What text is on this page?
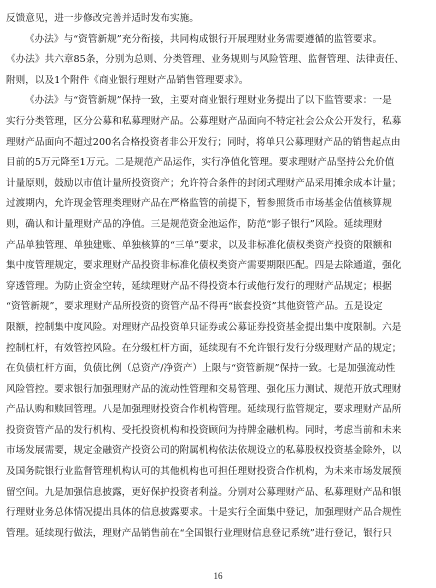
反馈意见，进一步修改完善并适时发布实施。
《办法》与“资管新规”充分衔接，共同构成银行开展理财业务需要遵循的监管要求。
《办法》共六章85条，分别为总则、分类管理、业务规则与风险管理、监督管理、法律责任、
附则，以及1个附件《商业银行理财产品销售管理要求》。
《办法》与“资管新规”保持一致，主要对商业银行理财业务提出了以下监管要求：一是
实行分类管理，区分公募和私募理财产品。公募理财产品面向不特定社会公众公开发行，私募
理财产品面向不超过200名合格投资者非公开发行；同时，将单只公募理财产品的销售起点由
目前的5万元降至1万元。二是规范产品运作，实行净值化管理。要求理财产品坚持公允价值
计量原则，鼓励以市值计量所投资资产；允许符合条件的封闭式理财产品采用摊余成本计量；
过渡期内，允许现金管理类理财产品在严格监管的前提下，暂参照货币市场基金估值核算规
则，确认和计量理财产品的净值。三是规范资金池运作，防范“影子银行”风险。延续理财
产品单独管理、单独建账、单独核算的“三单”要求，以及非标准化债权类资产投资的限额和
集中度管理规定，要求理财产品投资非标准化债权类资产需要期限匹配。四是去除通道，强化
穿透管理。为防止资金空转，延续理财产品不得投资本行或他行发行的理财产品规定；根据
“资管新规”，要求理财产品所投资的资管产品不得再“嵌套投资”其他资管产品。五是设定
限额，控制集中度风险。对理财产品投资单只证券或公募证券投资基金提出集中度限制。六是
控制杠杆，有效管控风险。在分级杠杆方面，延续现有不允许银行发行分级理财产品的规定；
在负债杠杆方面，负债比例（总资产/净资产）上限与“资管新规”保持一致。七是加强流动性
风险管控。要求银行加强理财产品的流动性管理和交易管理、强化压力测试、规范开放式理财
产品认购和赎回管理。八是加强理财投资合作机构管理。延续现行监管规定，要求理财产品所
投资资管产品的发行机构、受托投资机构和投资顾问为持牌金融机构。同时，考虑当前和未来
市场发展需要，规定金融资产投资公司的附属机构依法依规设立的私募股权投资基金除外，以
及国务院银行业监督管理机构认可的其他机构也可担任理财投资合作机构，为未来市场发展预
留空间。九是加强信息披露，更好保护投资者利益。分别对公募理财产品、私募理财产品和银
行理财业务总体情况提出具体的信息披露要求。十是实行全面集中登记，加强理财产品合规性
管理。延续现行做法，理财产品销售前在“全国银行业理财信息登记系统”进行登记，银行只
16
